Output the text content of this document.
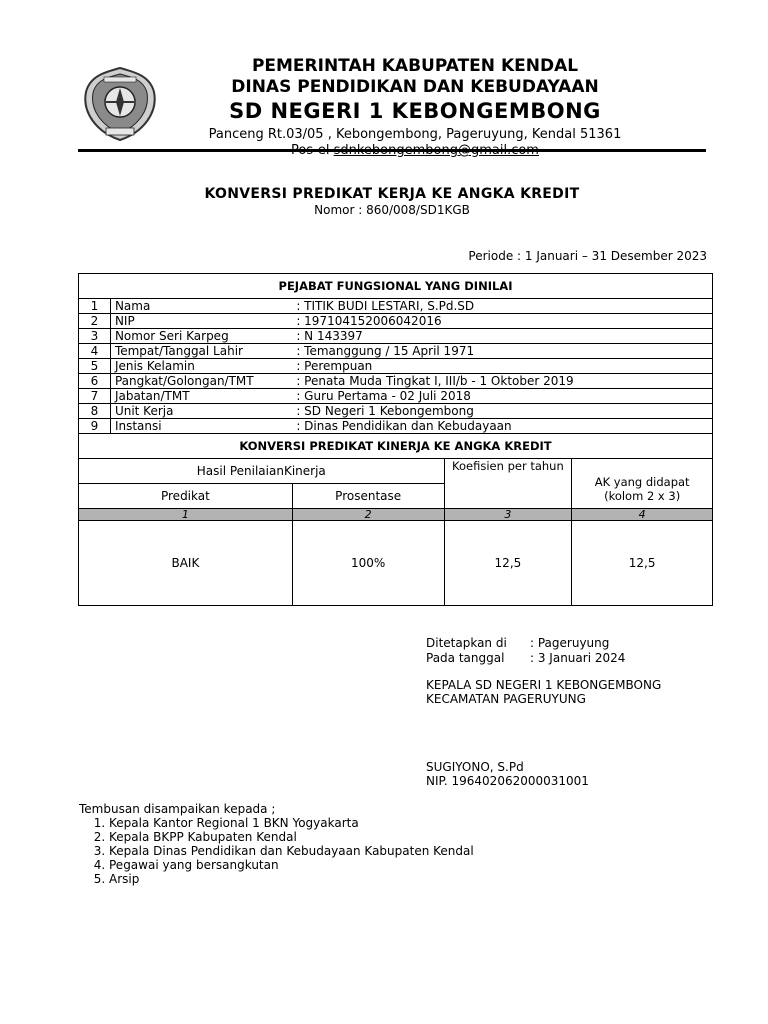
PEMERINTAH KABUPATEN KENDAL
DINAS PENDIDIKAN DAN KEBUDAYAAN
SD NEGERI 1 KEBONGEMBONG
Panceng Rt.03/05 , Kebongembong, Pageruyung, Kendal 51361
KONVERSI PREDIKAT KERJA KE ANGKA KREDIT
Nomor : 860/008/SD1KGB
Periode : 1 Januari – 31 Desember 2023
PEJABAT FUNGSIONAL YANG DINILAI				
1	Nama	: TITIK BUDI LESTARI, S.Pd.SD		
2	NIP	: 197104152006042016		
3	Nomor Seri Karpeg	: N 143397		
4	Tempat/Tanggal Lahir	: Temanggung / 15 April 1971		
5	Jenis Kelamin	: Perempuan		
6	Pangkat/Golongan/TMT	: Penata Muda Tingkat I, III/b - 1 Oktober 2019		
7	Jabatan/TMT	: Guru Pertama - 02 Juli 2018		
8	Unit Kerja	: SD Negeri 1 Kebongembong		
9	Instansi	: Dinas Pendidikan dan Kebudayaan		
KONVERSI PREDIKAT KINERJA KE ANGKA KREDIT				
Hasil PenilaianKinerja			Koefisien per tahun	AK yang didapat (kolom 2 x 3)
Predikat		Prosentase		
1		2	3	4
BAIK		100%	12,5	12,5
Ditetapkan di : Pageruyung
Pada tanggal : 3 Januari 2024
KEPALA SD NEGERI 1 KEBONGEMBONG
KECAMATAN PAGERUYUNG
SUGIYONO, S.Pd
NIP. 196402062000031001
Tembusan disampaikan kepada ;
1. Kepala Kantor Regional 1 BKN Yogyakarta
2. Kepala BKPP Kabupaten Kendal
3. Kepala Dinas Pendidikan dan Kebudayaan Kabupaten Kendal
4. Pegawai yang bersangkutan
5. Arsip
